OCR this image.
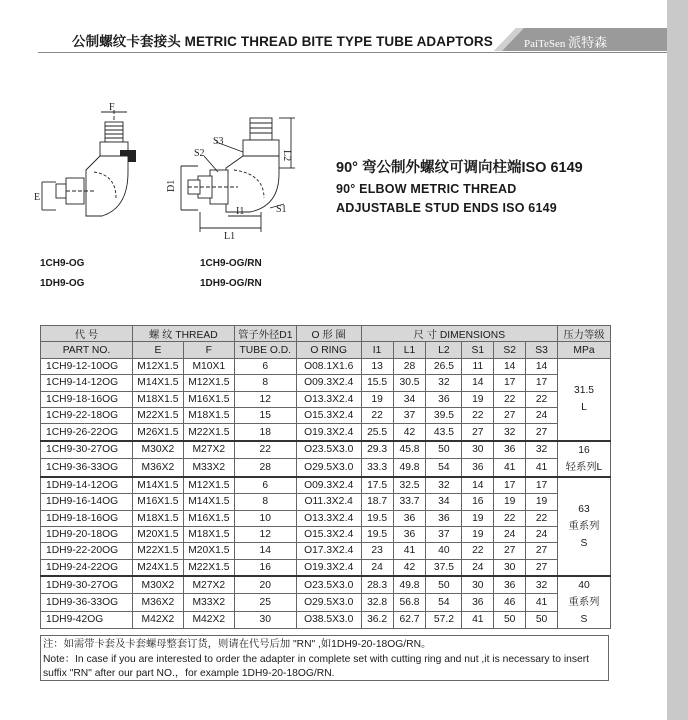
公制螺纹卡套接头 METRIC THREAD BITE TYPE TUBE ADAPTORS	PaiTeSen 派特森
F
E
S3
S2	L2
D1
S1
I1
L1
90° 弯公制外螺纹可调向柱端ISO 6149
90° ELBOW METRIC THREAD
ADJUSTABLE STUD ENDS ISO 6149
1CH9-OG
1DH9-OG
1CH9-OG/RN
1DH9-OG/RN
代 号	螺 纹 THREAD		管子外径D1	O 形 圈	尺 寸 DIMENSIONS						压力等级
PART NO.	E	F	TUBE O.D.	O RING	I1	L1	L2	S1	S2	S3	MPa
1CH9-12-10OG	M12X1.5	M10X1	6	O08.1X1.6	13	28	26.5	11	14	14	31.5
L

1CH9-14-12OG	M14X1.5	M12X1.5	8	O09.3X2.4	15.5	30.5	32	14	17	17	
1CH9-18-16OG	M18X1.5	M16X1.5	12	O13.3X2.4	19	34	36	19	22	22	
1CH9-22-18OG	M22X1.5	M18X1.5	15	O15.3X2.4	22	37	39.5	22	27	24	
1CH9-26-22OG	M26X1.5	M22X1.5	18	O19.3X2.4	25.5	42	43.5	27	32	27	
1CH9-30-27OG	M30X2	M27X2	22	O23.5X3.0	29.3	45.8	50	30	36	32	16
轻系列L

1CH9-36-33OG	M36X2	M33X2	28	O29.5X3.0	33.3	49.8	54	36	41	41	
1DH9-14-12OG	M14X1.5	M12X1.5	6	O09.3X2.4	17.5	32.5	32	14	17	17	63
重系列
S

1DH9-16-14OG	M16X1.5	M14X1.5	8	O11.3X2.4	18.7	33.7	34	16	19	19	
1DH9-18-16OG	M18X1.5	M16X1.5	10	O13.3X2.4	19.5	36	36	19	22	22	
1DH9-20-18OG	M20X1.5	M18X1.5	12	O15.3X2.4	19.5	36	37	19	24	24	
1DH9-22-20OG	M22X1.5	M20X1.5	14	O17.3X2.4	23	41	40	22	27	27	
1DH9-24-22OG	M24X1.5	M22X1.5	16	O19.3X2.4	24	42	37.5	24	30	27	
1DH9-30-27OG	M30X2	M27X2	20	O23.5X3.0	28.3	49.8	50	30	36	32	40
重系列
S

1DH9-36-33OG	M36X2	M33X2	25	O29.5X3.0	32.8	56.8	54	36	46	41	
1DH9-42OG	M42X2	M42X2	30	O38.5X3.0	36.2	62.7	57.2	41	50	50	
注：如需带卡套及卡套螺母整套订货，则请在代号后加 "RN" ,如1DH9-20-18OG/RN。
Note：In case if you are interested to order the adapter in complete set with cutting ring and nut ,it is necessary to insert
suffix "RN" after our part NO.，for example 1DH9-20-18OG/RN.
